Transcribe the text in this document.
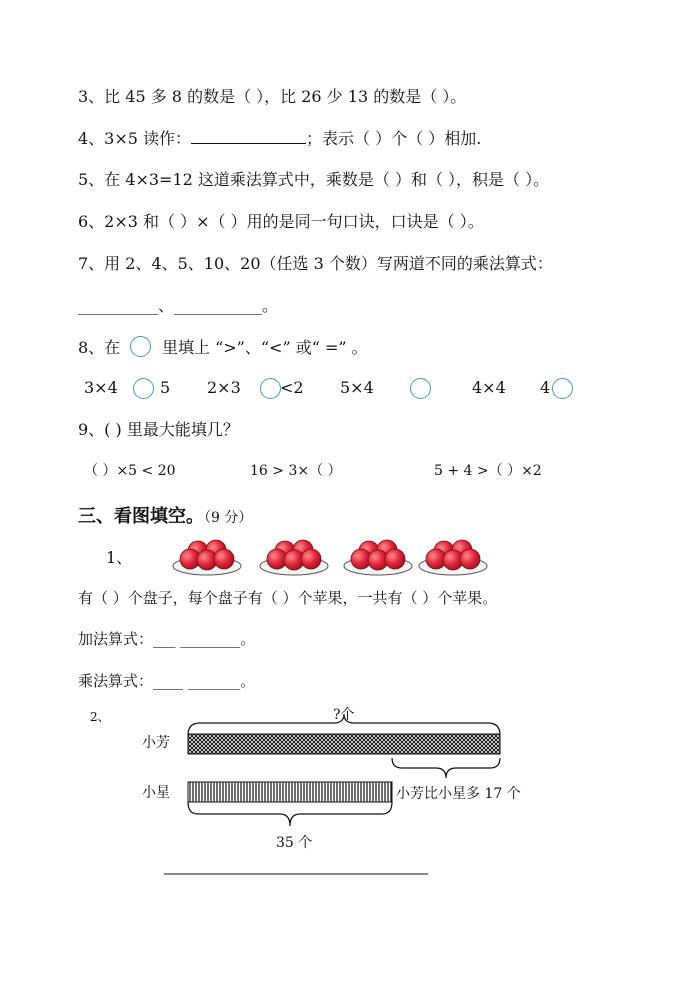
3、比 45 多 8 的数是（ ），比 26 少 13 的数是（ ）。
4、3×5 读作：	；表示（ ）个（ ）相加.
5、在 4×3=12 这道乘法算式中，乘数是（ ）和（ ），积是（ ）。
6、2×3 和（ ）×（ ）用的是同一句口诀，口诀是（ ）。
7、用 2、4、5、10、20（任选 3 个数）写两道不同的乘法算式：
__________、___________。
8、在	里填上 “>”、“<” 或“ =” 。
3×4	5 2×3 <2 5×4	4×4 4
9、( ) 里最大能填几？
（ ）×5 < 20	16 > 3×（ ）	5 + 4 >（ ）×2
三、看图填空。（9 分）
1、
有（ ）个盘子，每个盘子有（ ）个苹果，一共有（ ）个苹果。
加法算式：___ ________。
乘法算式：____ _______。
2、	?个
小芳
小星	小芳比小星多 17 个
35 个
